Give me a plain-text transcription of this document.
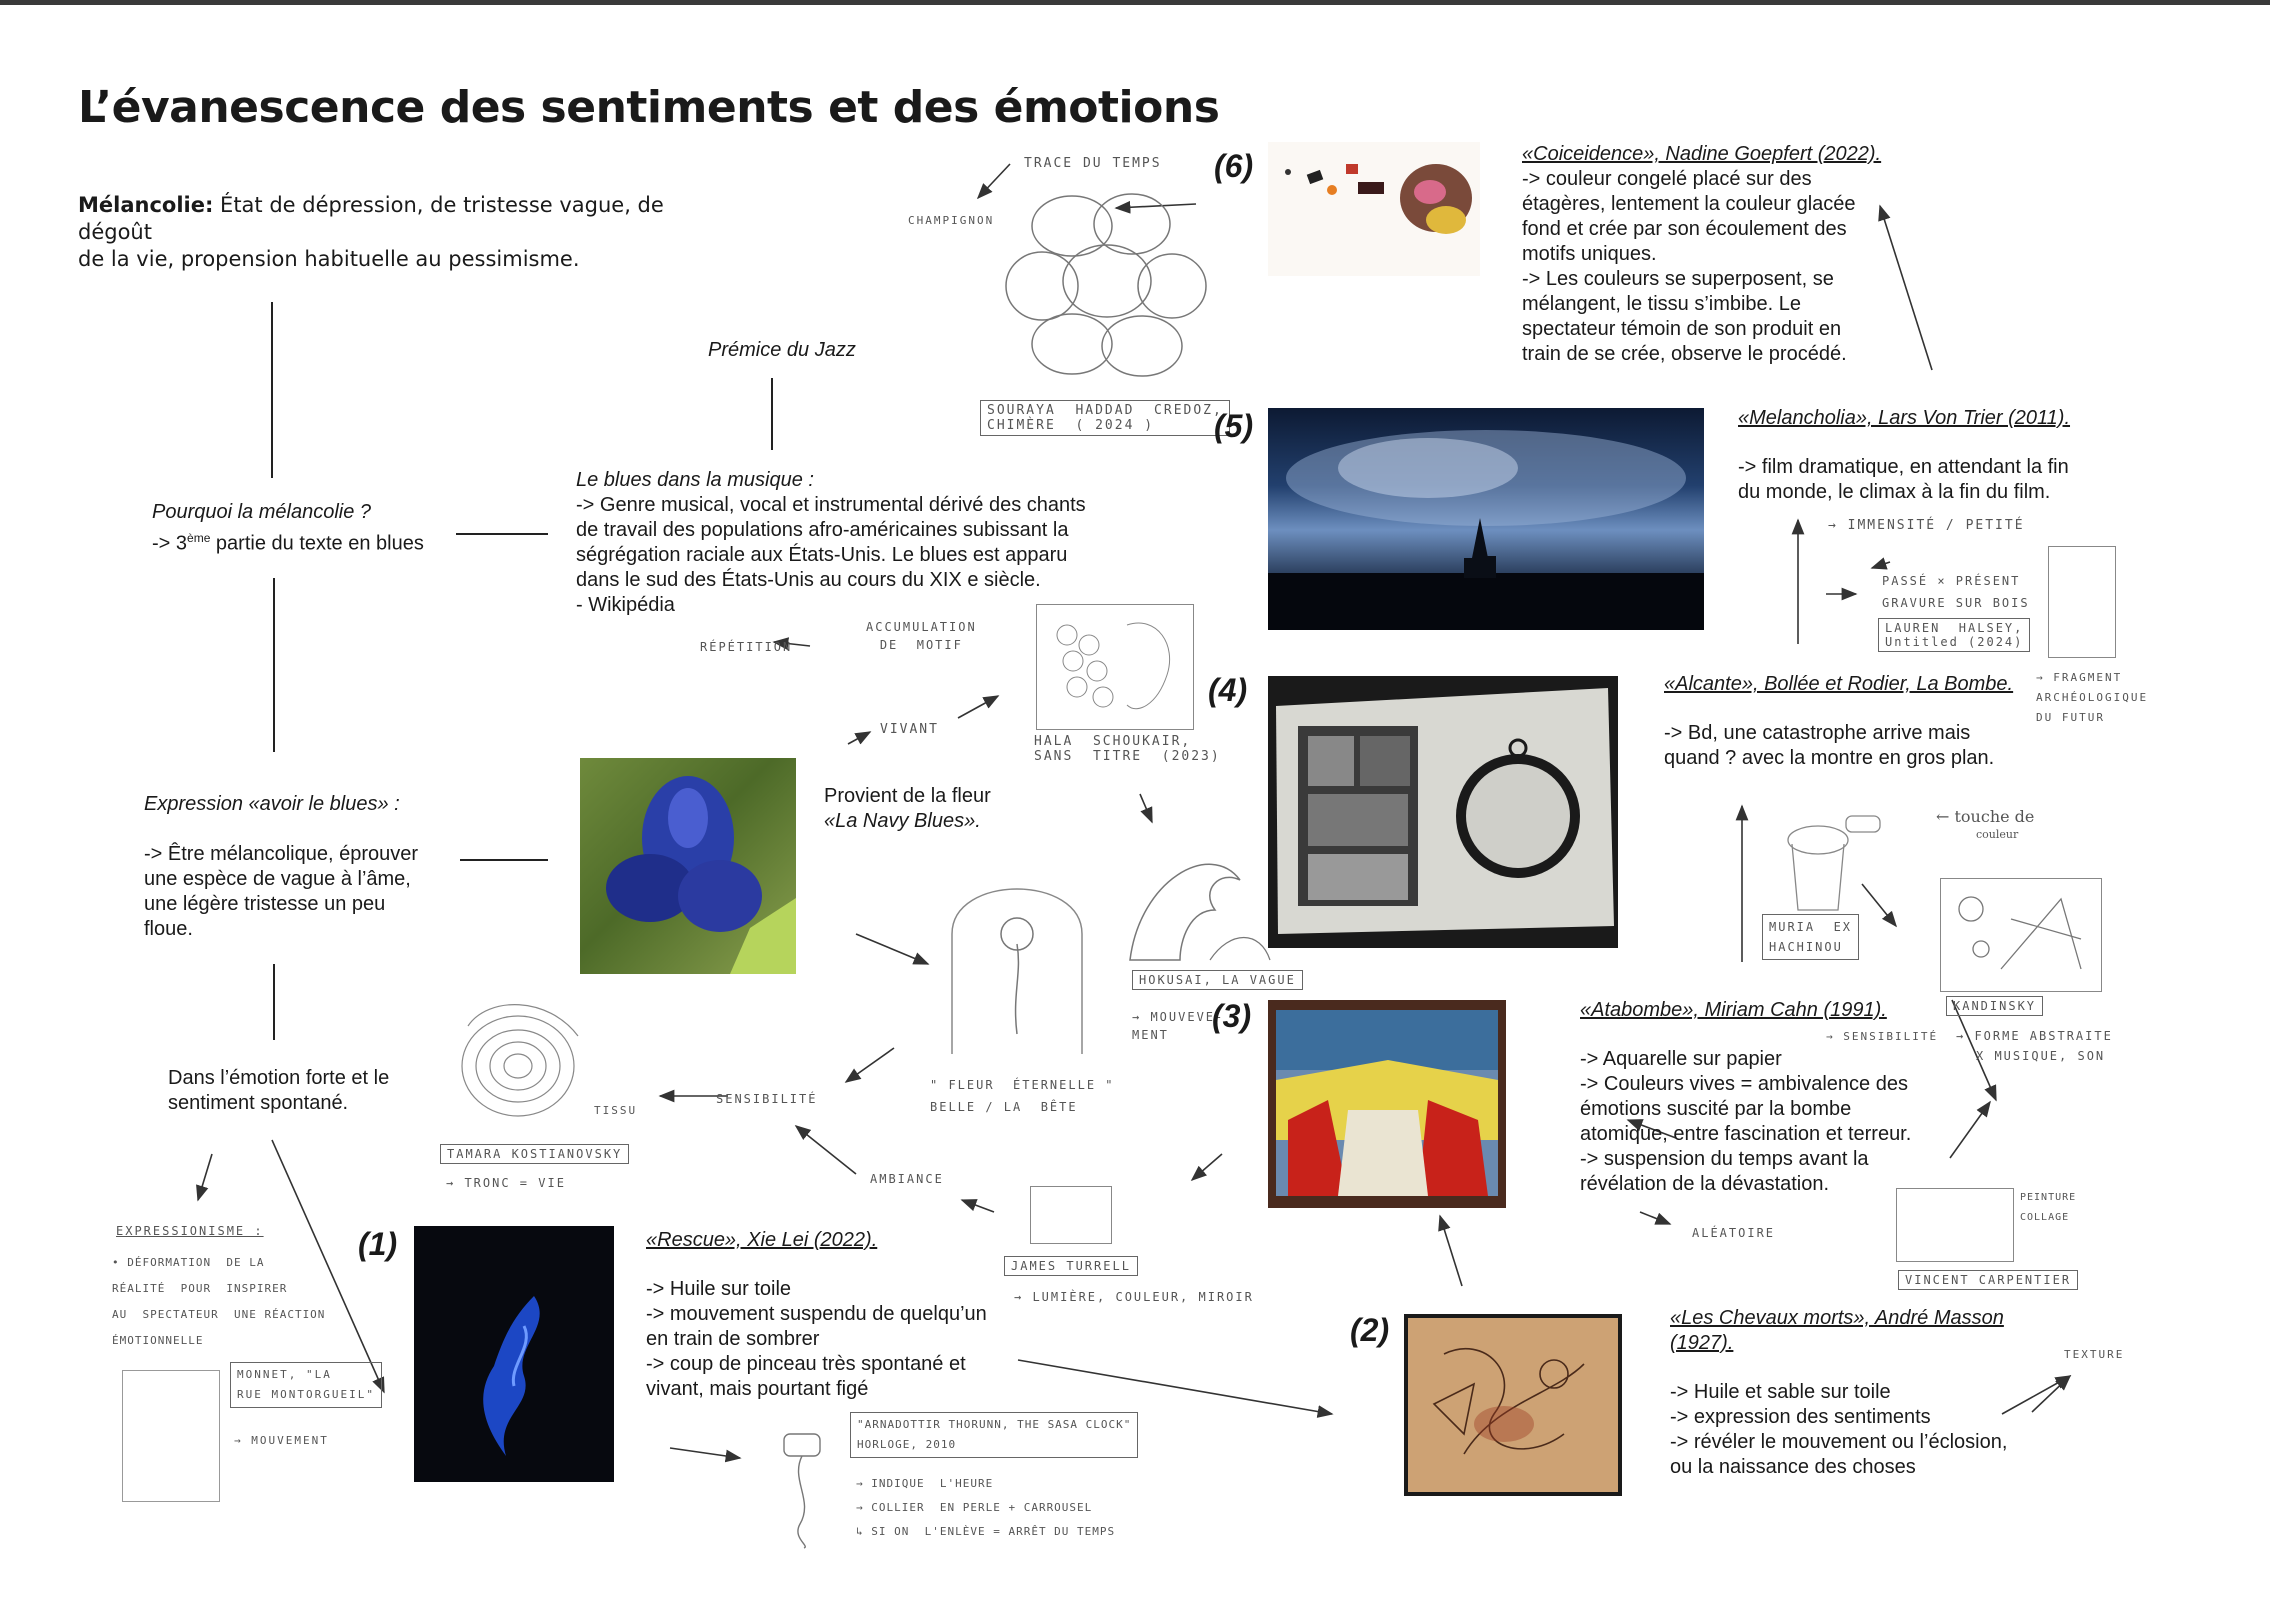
L’évanescence des sentiments et des émotions
Mélancolie: État de dépression, de tristesse vague, de dégoût
de la vie, propension habituelle au pessimisme.
Pourquoi la mélancolie ?
-> 3ème partie du texte en blues
Expression «avoir le blues» :
-> Être mélancolique, éprouver
une espèce de vague à l’âme,
une légère tristesse un peu
floue.
Dans l’émotion forte et le
sentiment spontané.
Prémice du Jazz
Le blues dans la musique :
-> Genre musical, vocal et instrumental dérivé des chants
de travail des populations afro-américaines subissant la
ségrégation raciale aux États-Unis. Le blues est apparu
dans le sud des États-Unis au cours du XIX e siècle.
- Wikipédia
Provient de la fleur
«La Navy Blues».
(6)	«Coiceidence», Nadine Goepfert (2022).
-> couleur congelé placé sur des
étagères, lentement la couleur glacée
fond et crée par son écoulement des
motifs uniques.
-> Les couleurs se superposent, se
mélangent, le tissu s’imbibe. Le
spectateur témoin de son produit en
train de se crée, observe le procédé.
TRACE DU TEMPS
CHAMPIGNON
SOURAYA  HADDAD  CREDOZ,
CHIMÈRE  ( 2024 )	(5)	«Melancholia», Lars Von Trier (2011).
-> film dramatique, en attendant la fin
du monde, le climax à la fin du film.
→ IMMENSITÉ / PETITÉ
PASSÉ × PRÉSENT
GRAVURE SUR BOIS
LAUREN  HALSEY,
Untitled (2024)
→ FRAGMENT
ARCHÉOLOGIQUE
DU FUTUR
(4)	«Alcante», Bollée et Rodier, La Bombe.
-> Bd, une catastrophe arrive mais
quand ? avec la montre en gros plan.
ACCUMULATION
DE  MOTIF
RÉPÉTITION
VIVANT
HALA  SCHOUKAIR,
SANS  TITRE  (2023)
HOKUSAI, LA VAGUE
→ MOUVEVE-
MENT
" FLEUR  ÉTERNELLE "
BELLE / LA  BÊTE
SENSIBILITÉ
TISSU
TAMARA KOSTIANOVSKY
→ TRONC = VIE	AMBIANCE
JAMES TURRELL
→ LUMIÈRE, COULEUR, MIROIR
(3)	«Atabombe», Miriam Cahn (1991).
-> Aquarelle sur papier
-> Couleurs vives = ambivalence des
émotions suscité par la bombe
atomique, entre fascination et terreur.
-> suspension du temps avant la
révélation de la dévastation.
← touche de
couleur
MURIA  EX
HACHINOU
KANDINSKY
→ SENSIBILITÉ → FORME ABSTRAITE
X MUSIQUE, SON
PEINTURE
COLLAGE
ALÉATOIRE
VINCENT CARPENTIER
TEXTURE
(2)	«Les Chevaux morts», André Masson
(1927).
-> Huile et sable sur toile
-> expression des sentiments
-> révéler le mouvement ou l’éclosion,
ou la naissance des choses
(1)	«Rescue», Xie Lei (2022).
-> Huile sur toile
-> mouvement suspendu de quelqu’un
en train de sombrer
-> coup de pinceau très spontané et
vivant, mais pourtant figé
EXPRESSIONISME :
• DÉFORMATION  DE LA
RÉALITÉ  POUR  INSPIRER
AU  SPECTATEUR  UNE RÉACTION
ÉMOTIONNELLE
MONNET, "LA
RUE MONTORGUEIL"
→ MOUVEMENT
"ARNADOTTIR THORUNN, THE SASA CLOCK"
HORLOGE, 2010
→ INDIQUE  L'HEURE
→ COLLIER  EN PERLE + CARROUSEL
↳ SI ON  L'ENLÈVE = ARRÊT DU TEMPS
